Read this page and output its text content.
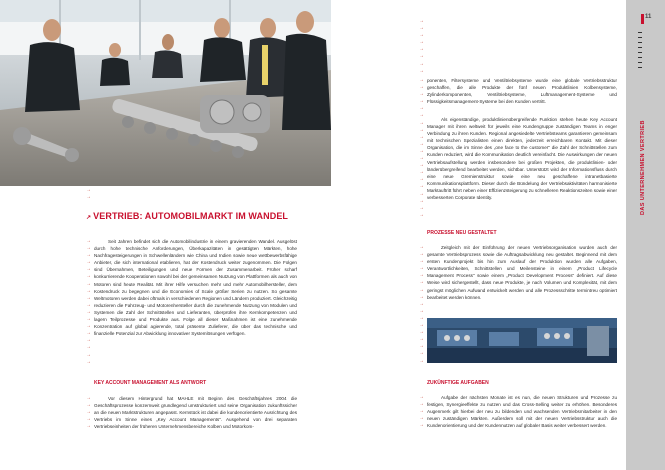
→
→
→
→
→
→
→
→
→
→
→
→
→
→
→
→
→
→
→
→
→
→
→
→
→
↗ VERTRIEB: AUTOMOBILMARKT IM WANDEL

Seit Jahren befindet sich die Automobilindustrie in einem gravierenden Wandel. Ausgelöst durch hohe technische Anforderungen, Überkapazitäten in gesättigten Märkten, hohe Nachfragesteigerungen in Schwellenländern wie China und Indien sowie neue wettbewerbsfähige Anbieter, die sich international etablieren, hat der Kostendruck weiter zugenommen. Die Folgen sind Übernahmen, Beteiligungen und neue Formen der Zusammenarbeit. Früher scharf konkurrierende Kooperationen sowohl bei der gemeinsamen Nutzung von Plattformen als auch von Motoren sind heute Realität. Mit ihrer Hilfe versuchen mehr und mehr Automobilhersteller, dem Kostendruck zu begegnen und die Economies of Scale größer Serien zu nutzen. So gesamte Weltmotoren werden dabei oftmals in verschiedenen Regionen und Ländern produziert. Gleichzeitig reduzieren die Fahrzeug- und Motorenhersteller durch die zunehmende Nutzung von Modulen und Systemen die Zahl der Schnittstellen und Lieferanten, überprüfen ihre Kernkompetenzen und lagern Teilprozesse und Produkte aus. Folge all dieser Maßnahmen ist eine zunehmende Konzentration auf global agierende, total präsente Zulieferer, die über das technische und finanzielle Potenzial zur Abwicklung innovativer Systemlösungen verfügen.

KEY ACCOUNT MANAGEMENT ALS ANTWORT

Vor diesem Hintergrund hat MAHLE mit Beginn des Geschäftsjahres 2004 die Geschäftsprozesse konzernweit grundlegend umstrukturiert und seine Organisation zukunftssicher an die neuen Marktstrukturen angepasst. Kernstück ist dabei die kundenorientierte Ausrichtung des Vertriebs im Sinne eines „Key Account Managements". Ausgehend von drei separaten Vertriebseinheiten der früheren Unternehmensbereiche Kolben und Motorkom-

→
→
→
→
→
→
→
→
→
→
→
→
→
→
→
→
→
→
→
→
→
→
→
→
→
→
→
→
→
→
→
→
→
→
→
→
→
→
→
→
→
→
→
→
→
→
→
→
→
→

ponenten, Filtersysteme und Ventiltriebsysteme wurde eine globale Vertriebsstruktur geschaffen, die alle Produkte der fünf neuen Produktlinien Kolbensysteme, Zylinderkomponenten, Ventiltriebsysteme, Luftmanagement-Systeme und Flüssigkeitsmanagement-Systeme bei den Kunden vertritt.

Als eigenständige, produktlinienübergreifende Funktion stehen heute Key Account Manager mit ihren weltweit für jeweils eine Kundengruppe zuständigen Teams in enger Verbindung zu ihren Kunden. Regional angesiedelte Vertriebsteams garantieren gemeinsam mit technischen Spezialisten einen direkten, jederzeit erreichbaren Kontakt. Mit dieser Organisation, die im Sinne des „one face to the customer" die Zahl der Schnittstellen zum Kunden reduziert, wird die Kommunikation deutlich vereinfacht. Die Auswirkungen der neuen Vertriebsaufstellung werden insbesondere bei großen Projekten, die produktlinien- oder länderübergreifend bearbeitet werden, sichtbar. Unterstützt wird der Informationsfluss durch eine neue Gremienstruktur sowie eine neu geschaffene intranetbasierte Kommunikationsplattform. Dieser durch die Bündelung der Vertriebsaktivitäten harmonisierte Marktauftritt führt neben einer Effizienzsteigerung zu schnelleren Reaktionszeiten sowie einer verbesserten Corporate Identity.

PROZESSE NEU GESTALTET

Zeitgleich mit der Einführung der neuen Vertriebsorganisation wurden auch der gesamte Vertriebsprozess sowie die Auftragsabwicklung neu gestaltet. Beginnend mit dem ersten Kundenprojekt bis hin zum Auslauf der Produktion wurden alle Aufgaben, Verantwortlichkeiten, Schnittstellen und Meilensteine in einem „Product Lifecycle Management Process" sowie einem „Product Development Process" definiert. Auf diese Weise wird sichergestellt, dass neue Produkte, je nach Volumen und Komplexität, mit dem geringst möglichen Aufwand entwickelt werden und alle Prozessschritte termintreu optimiert bearbeitet werden können.

ZUKÜNFTIGE AUFGABEN

Aufgabe der nächsten Monate ist es nun, die neuen Strukturen und Prozesse zu festigen, Synergieeffekte zu nutzen und das Cross-Selling weiter zu erhöhen. Besonderes Augenmerk gilt hierbei der neu zu bildenden und wachsenden Vertriebsmitarbeiter in den neuen zuständigen Märkten. Außerdem soll mit der neuen Vertriebsstruktur auch die Kundenorientierung und der Kundennutzen auf globaler Basis weiter verbessert werden.

11
DAS UNTERNEHMEN VERTRIEB
